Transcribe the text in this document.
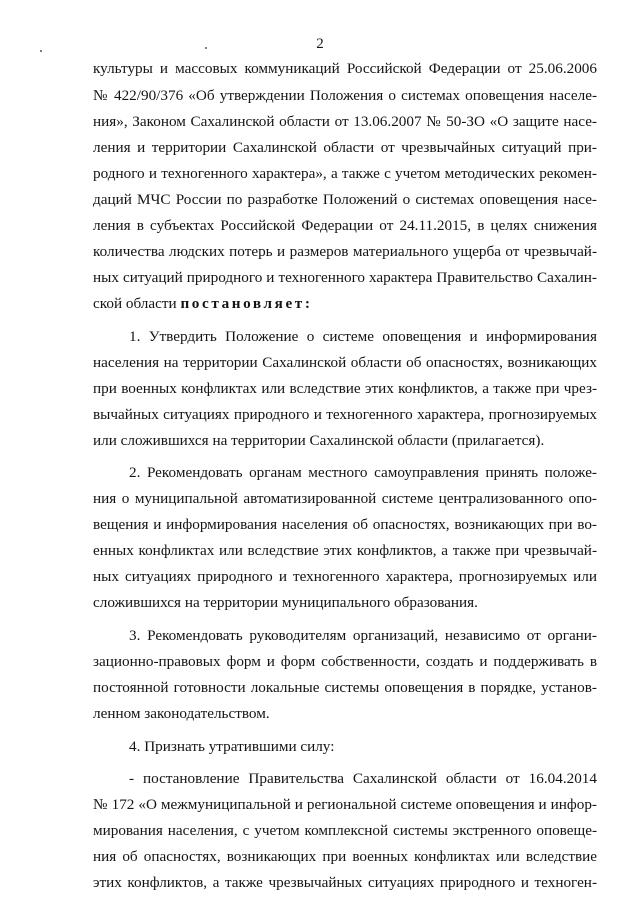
2
культуры и массовых коммуникаций Российской Федерации от 25.06.2006
№ 422/90/376 «Об утверждении Положения о системах оповещения населе-
ния», Законом Сахалинской области от 13.06.2007 № 50-ЗО «О защите насе-
ления и территории Сахалинской области от чрезвычайных ситуаций при-
родного и техногенного характера», а также с учетом методических рекомен-
даций МЧС России по разработке Положений о системах оповещения насе-
ления в субъектах Российской Федерации от 24.11.2015, в целях снижения
количества людских потерь и размеров материального ущерба от чрезвычай-
ных ситуаций природного и техногенного характера Правительство Сахалин-
ской области постановляет:
1. Утвердить Положение о системе оповещения и информирования
населения на территории Сахалинской области об опасностях, возникающих
при военных конфликтах или вследствие этих конфликтов, а также при чрез-
вычайных ситуациях природного и техногенного характера, прогнозируемых
или сложившихся на территории Сахалинской области (прилагается).
2. Рекомендовать органам местного самоуправления принять положе-
ния о муниципальной автоматизированной системе централизованного опо-
вещения и информирования населения об опасностях, возникающих при во-
енных конфликтах или вследствие этих конфликтов, а также при чрезвычай-
ных ситуациях природного и техногенного характера, прогнозируемых или
сложившихся на территории муниципального образования.
3. Рекомендовать руководителям организаций, независимо от органи-
зационно-правовых форм и форм собственности, создать и поддерживать в
постоянной готовности локальные системы оповещения в порядке, установ-
ленном законодательством.
4. Признать утратившими силу:
- постановление Правительства Сахалинской области от 16.04.2014
№ 172 «О межмуниципальной и региональной системе оповещения и инфор-
мирования населения, с учетом комплексной системы экстренного оповеще-
ния об опасностях, возникающих при военных конфликтах или вследствие
этих конфликтов, а также чрезвычайных ситуациях природного и техноген-
